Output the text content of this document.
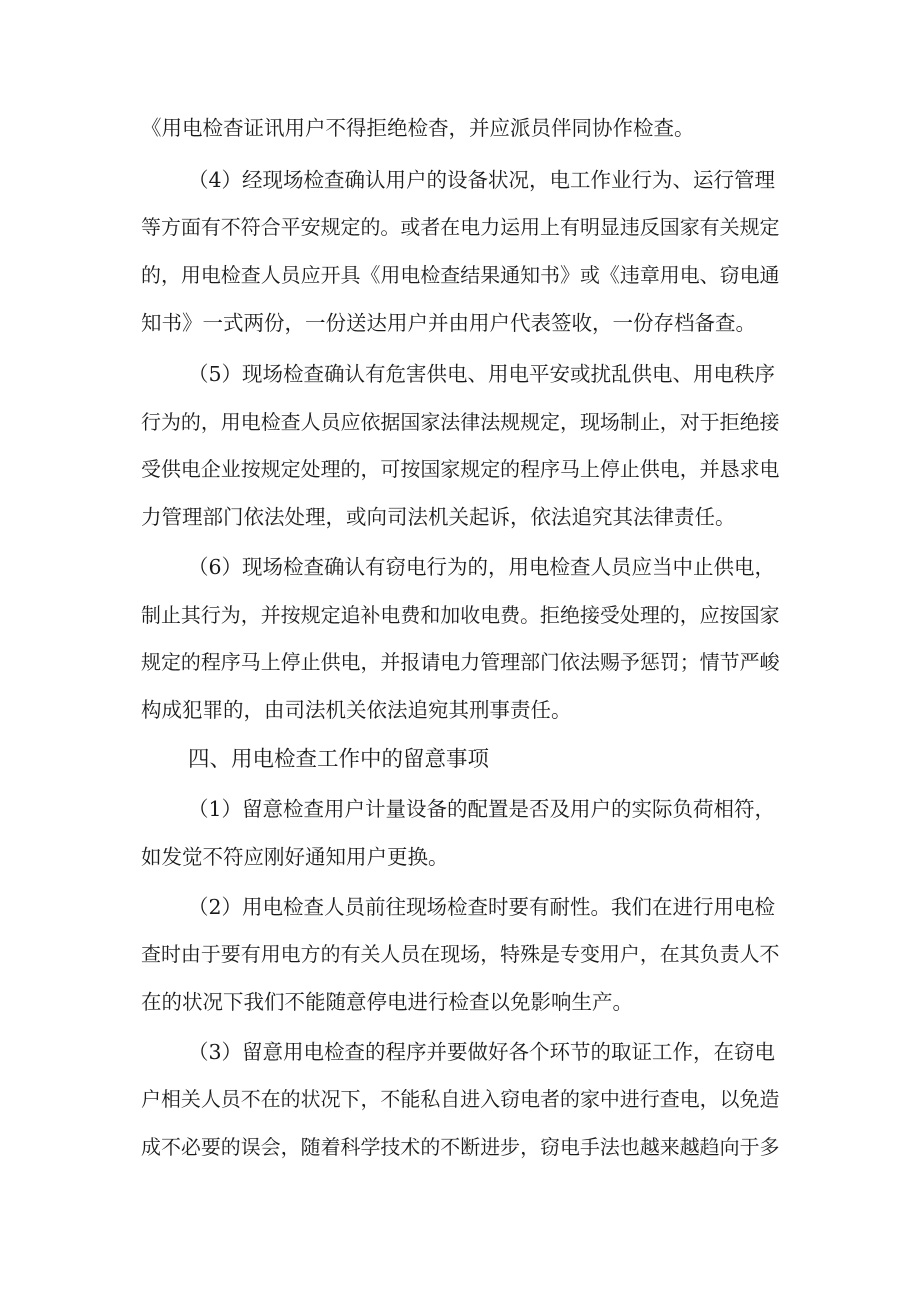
《用电检杳证讯用户不得拒绝检杳，并应派员伴同协作检查。
（4）经现场检查确认用户的设备状况，电工作业行为、运行管理
等方面有不符合平安规定的。或者在电力运用上有明显违反国家有关规定
的，用电检查人员应开具《用电检查结果通知书》或《违章用电、窃电通
知书》一式两份，一份送达用户并由用户代表签收，一份存档备查。
（5）现场检查确认有危害供电、用电平安或扰乱供电、用电秩序
行为的，用电检查人员应依据国家法律法规规定，现场制止，对于拒绝接
受供电企业按规定处理的，可按国家规定的程序马上停止供电，并恳求电
力管理部门依法处理，或向司法机关起诉，依法追究其法律责任。
（6）现场检查确认有窃电行为的，用电检查人员应当中止供电，
制止其行为，并按规定追补电费和加收电费。拒绝接受处理的，应按国家
规定的程序马上停止供电，并报请电力管理部门依法赐予惩罚；情节严峻
构成犯罪的，由司法机关依法追宛其刑事责任。
四、用电检查工作中的留意事项
（1）留意检查用户计量设备的配置是否及用户的实际负荷相符，
如发觉不符应刚好通知用户更换。
（2）用电检查人员前往现场检查时要有耐性。我们在进行用电检
查时由于要有用电方的有关人员在现场，特殊是专变用户，在其负责人不
在的状况下我们不能随意停电进行检查以免影响生产。
（3）留意用电检查的程序并要做好各个环节的取证工作，在窃电
户相关人员不在的状况下，不能私自进入窃电者的家中进行查电，以免造
成不必要的误会，随着科学技术的不断进步，窃电手法也越来越趋向于多
